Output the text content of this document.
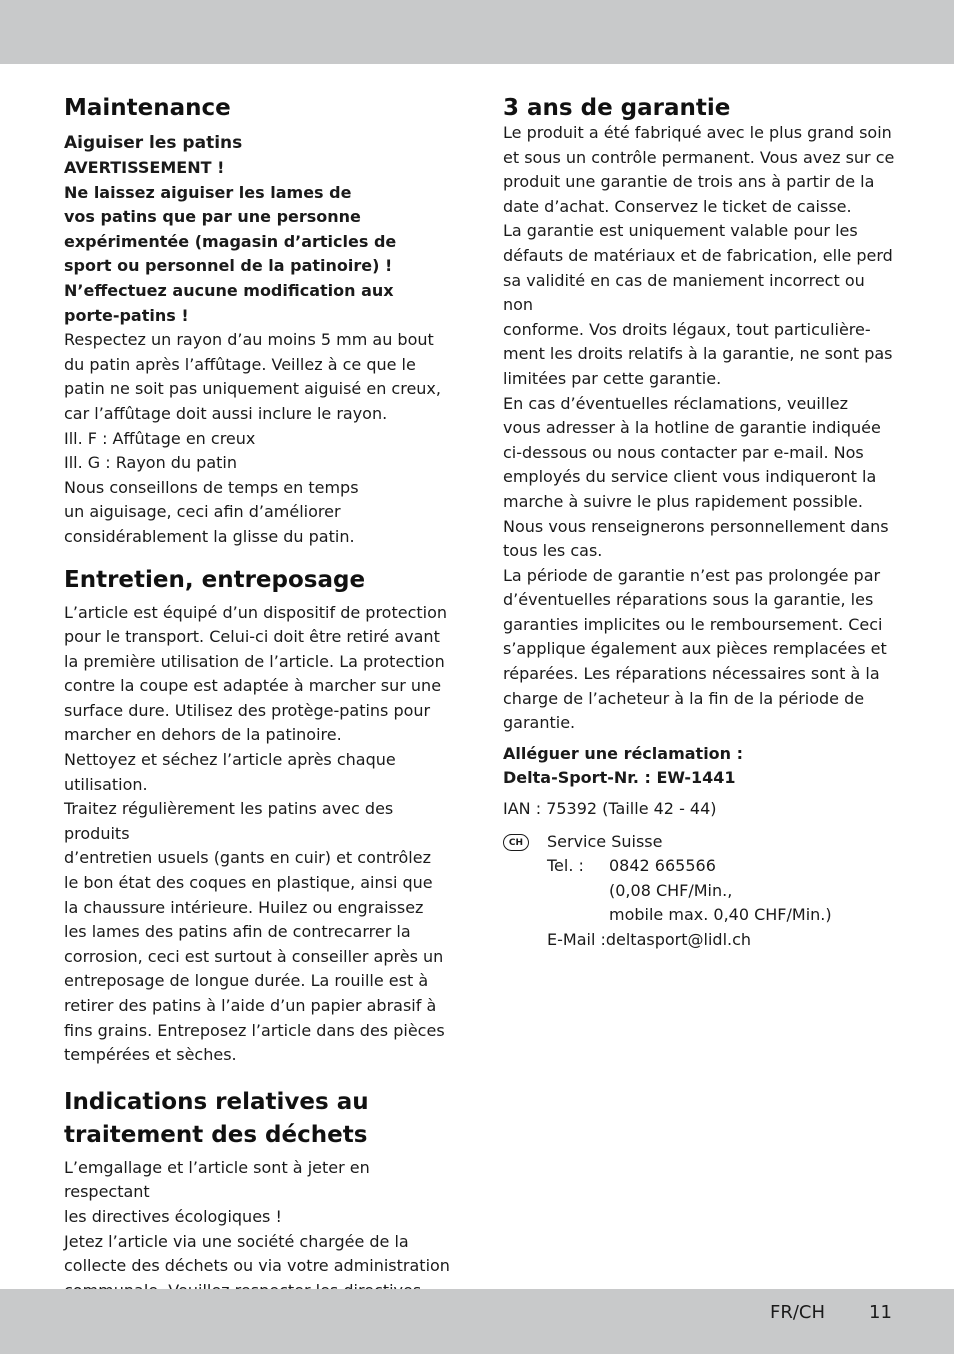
Maintenance
Aiguiser les patins

AVERTISSEMENT !

Ne laissez aiguiser les lames de
vos patins que par une personne
expérimentée (magasin d’articles de
sport ou personnel de la patinoire) !
N’effectuez aucune modification aux
porte-patins !

Respectez un rayon d’au moins 5 mm au bout
du patin après l’affûtage. Veillez à ce que le
patin ne soit pas uniquement aiguisé en creux,
car l’affûtage doit aussi inclure le rayon.
Ill. F : Affûtage en creux
Ill. G : Rayon du patin
Nous conseillons de temps en temps
un aiguisage, ceci afin d’améliorer
considérablement la glisse du patin.

Entretien, entreposage

L’article est équipé d’un dispositif de protection
pour le transport. Celui-ci doit être retiré avant
la première utilisation de l’article. La protection
contre la coupe est adaptée à marcher sur une
surface dure. Utilisez des protège-patins pour
marcher en dehors de la patinoire.
Nettoyez et séchez l’article après chaque
utilisation.
Traitez régulièrement les patins avec des produits
d’entretien usuels (gants en cuir) et contrôlez
le bon état des coques en plastique, ainsi que
la chaussure intérieure. Huilez ou engraissez
les lames des patins afin de contrecarrer la
corrosion, ceci est surtout à conseiller après un
entreposage de longue durée. La rouille est à
retirer des patins à l’aide d’un papier abrasif à
fins grains. Entreposez l’article dans des pièces
tempérées et sèches.

Indications relatives au
traitement des déchets

L’emgallage et l’article sont à jeter en respectant
les directives écologiques !
Jetez l’article via une société chargée de la
collecte des déchets ou via votre administration

3 ans de garantie

Le produit a été fabriqué avec le plus grand soin
et sous un contrôle permanent. Vous avez sur ce
produit une garantie de trois ans à partir de la
date d’achat. Conservez le ticket de caisse.
La garantie est uniquement valable pour les
défauts de matériaux et de fabrication, elle perd
sa validité en cas de maniement incorrect ou non
conforme. Vos droits légaux, tout particulière-
ment les droits relatifs à la garantie, ne sont pas
limitées par cette garantie.
En cas d’éventuelles réclamations, veuillez
vous adresser à la hotline de garantie indiquée
ci-dessous ou nous contacter par e-mail. Nos
employés du service client vous indiqueront la
marche à suivre le plus rapidement possible.
Nous vous renseignerons personnellement dans
tous les cas.
La période de garantie n’est pas prolongée par
d’éventuelles réparations sous la garantie, les
garanties implicites ou le remboursement. Ceci
s’applique également aux pièces remplacées et
réparées. Les réparations nécessaires sont à la
charge de l’acheteur à la fin de la période de
garantie.

Alléguer une réclamation :

Delta-Sport-Nr. : EW-1441

IAN : 75392 (Taille 42 - 44)

CH	Service Suisse
Tel. :	0842 665566
(0,08 CHF/Min.,
mobile max. 0,40 CHF/Min.)
E-Mail : deltasport@lidl.ch
FR/CH 11
